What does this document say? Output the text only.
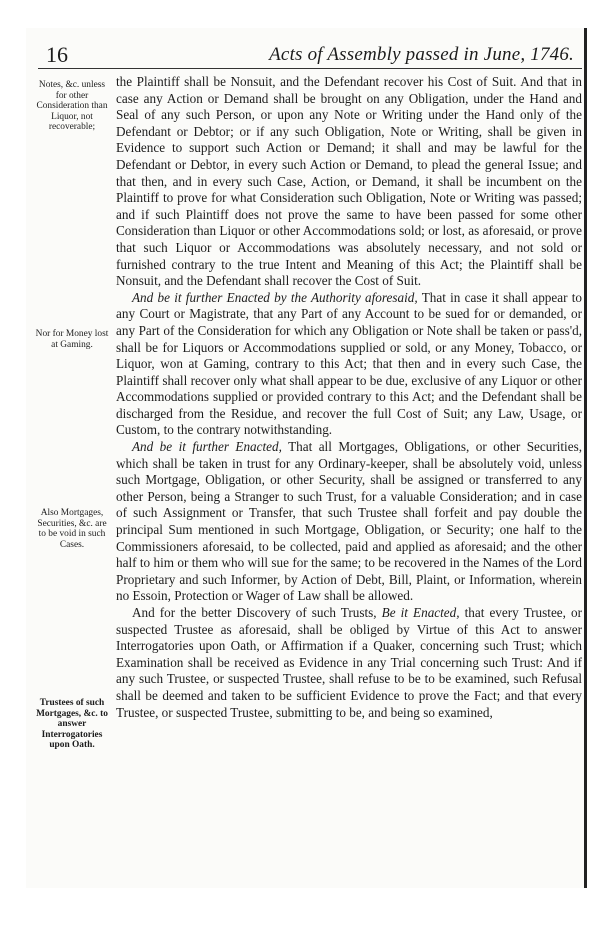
16	Acts of Assembly passed in June, 1746.
Notes, &c. unless for other Consideration than Liquor, not recoverable;
Nor for Money lost at Gaming.
Also Mortgages, Securities, &c. are to be void in such Cases.
Trustees of such Mortgages, &c. to answer Interrogatories upon Oath.

the Plaintiff shall be Nonsuit, and the Defendant recover his Cost of Suit. And that in case any Action or Demand shall be brought on any Obligation, under the Hand and Seal of any such Person, or upon any Note or Writing under the Hand only of the Defendant or Debtor; or if any such Obligation, Note or Writing, shall be given in Evidence to support such Action or Demand; it shall and may be lawful for the Defendant or Debtor, in every such Action or Demand, to plead the general Issue; and that then, and in every such Case, Action, or Demand, it shall be incumbent on the Plaintiff to prove for what Consideration such Obligation, Note or Writing was passed; and if such Plaintiff does not prove the same to have been passed for some other Consideration than Liquor or other Accommodations sold; or lost, as aforesaid, or prove that such Liquor or Accommodations was absolutely necessary, and not sold or furnished contrary to the true Intent and Meaning of this Act; the Plaintiff shall be Nonsuit, and the Defendant shall recover the Cost of Suit.

And be it further Enacted by the Authority aforesaid, That in case it shall appear to any Court or Magistrate, that any Part of any Account to be sued for or demanded, or any Part of the Consideration for which any Obligation or Note shall be taken or pass'd, shall be for Liquors or Accommodations supplied or sold, or any Money, Tobacco, or Liquor, won at Gaming, contrary to this Act; that then and in every such Case, the Plaintiff shall recover only what shall appear to be due, exclusive of any Liquor or other Accommodations supplied or provided contrary to this Act; and the Defendant shall be discharged from the Residue, and recover the full Cost of Suit; any Law, Usage, or Custom, to the contrary notwithstanding.

And be it further Enacted, That all Mortgages, Obligations, or other Securities, which shall be taken in trust for any Ordinary-keeper, shall be absolutely void, unless such Mortgage, Obligation, or other Security, shall be assigned or transferred to any other Person, being a Stranger to such Trust, for a valuable Consideration; and in case of such Assignment or Transfer, that such Trustee shall forfeit and pay double the principal Sum mentioned in such Mortgage, Obligation, or Security; one half to the Commissioners aforesaid, to be collected, paid and applied as aforesaid; and the other half to him or them who will sue for the same; to be recovered in the Names of the Lord Proprietary and such Informer, by Action of Debt, Bill, Plaint, or Information, wherein no Essoin, Protection or Wager of Law shall be allowed.

And for the better Discovery of such Trusts, Be it Enacted, that every Trustee, or suspected Trustee as aforesaid, shall be obliged by Virtue of this Act to answer Interrogatories upon Oath, or Affirmation if a Quaker, concerning such Trust; which Examination shall be received as Evidence in any Trial concerning such Trust: And if any such Trustee, or suspected Trustee, shall refuse to be to be examined, such Refusal shall be deemed and taken to be sufficient Evidence to prove the Fact; and that every Trustee, or suspected Trustee, submitting to be, and being so examined,
